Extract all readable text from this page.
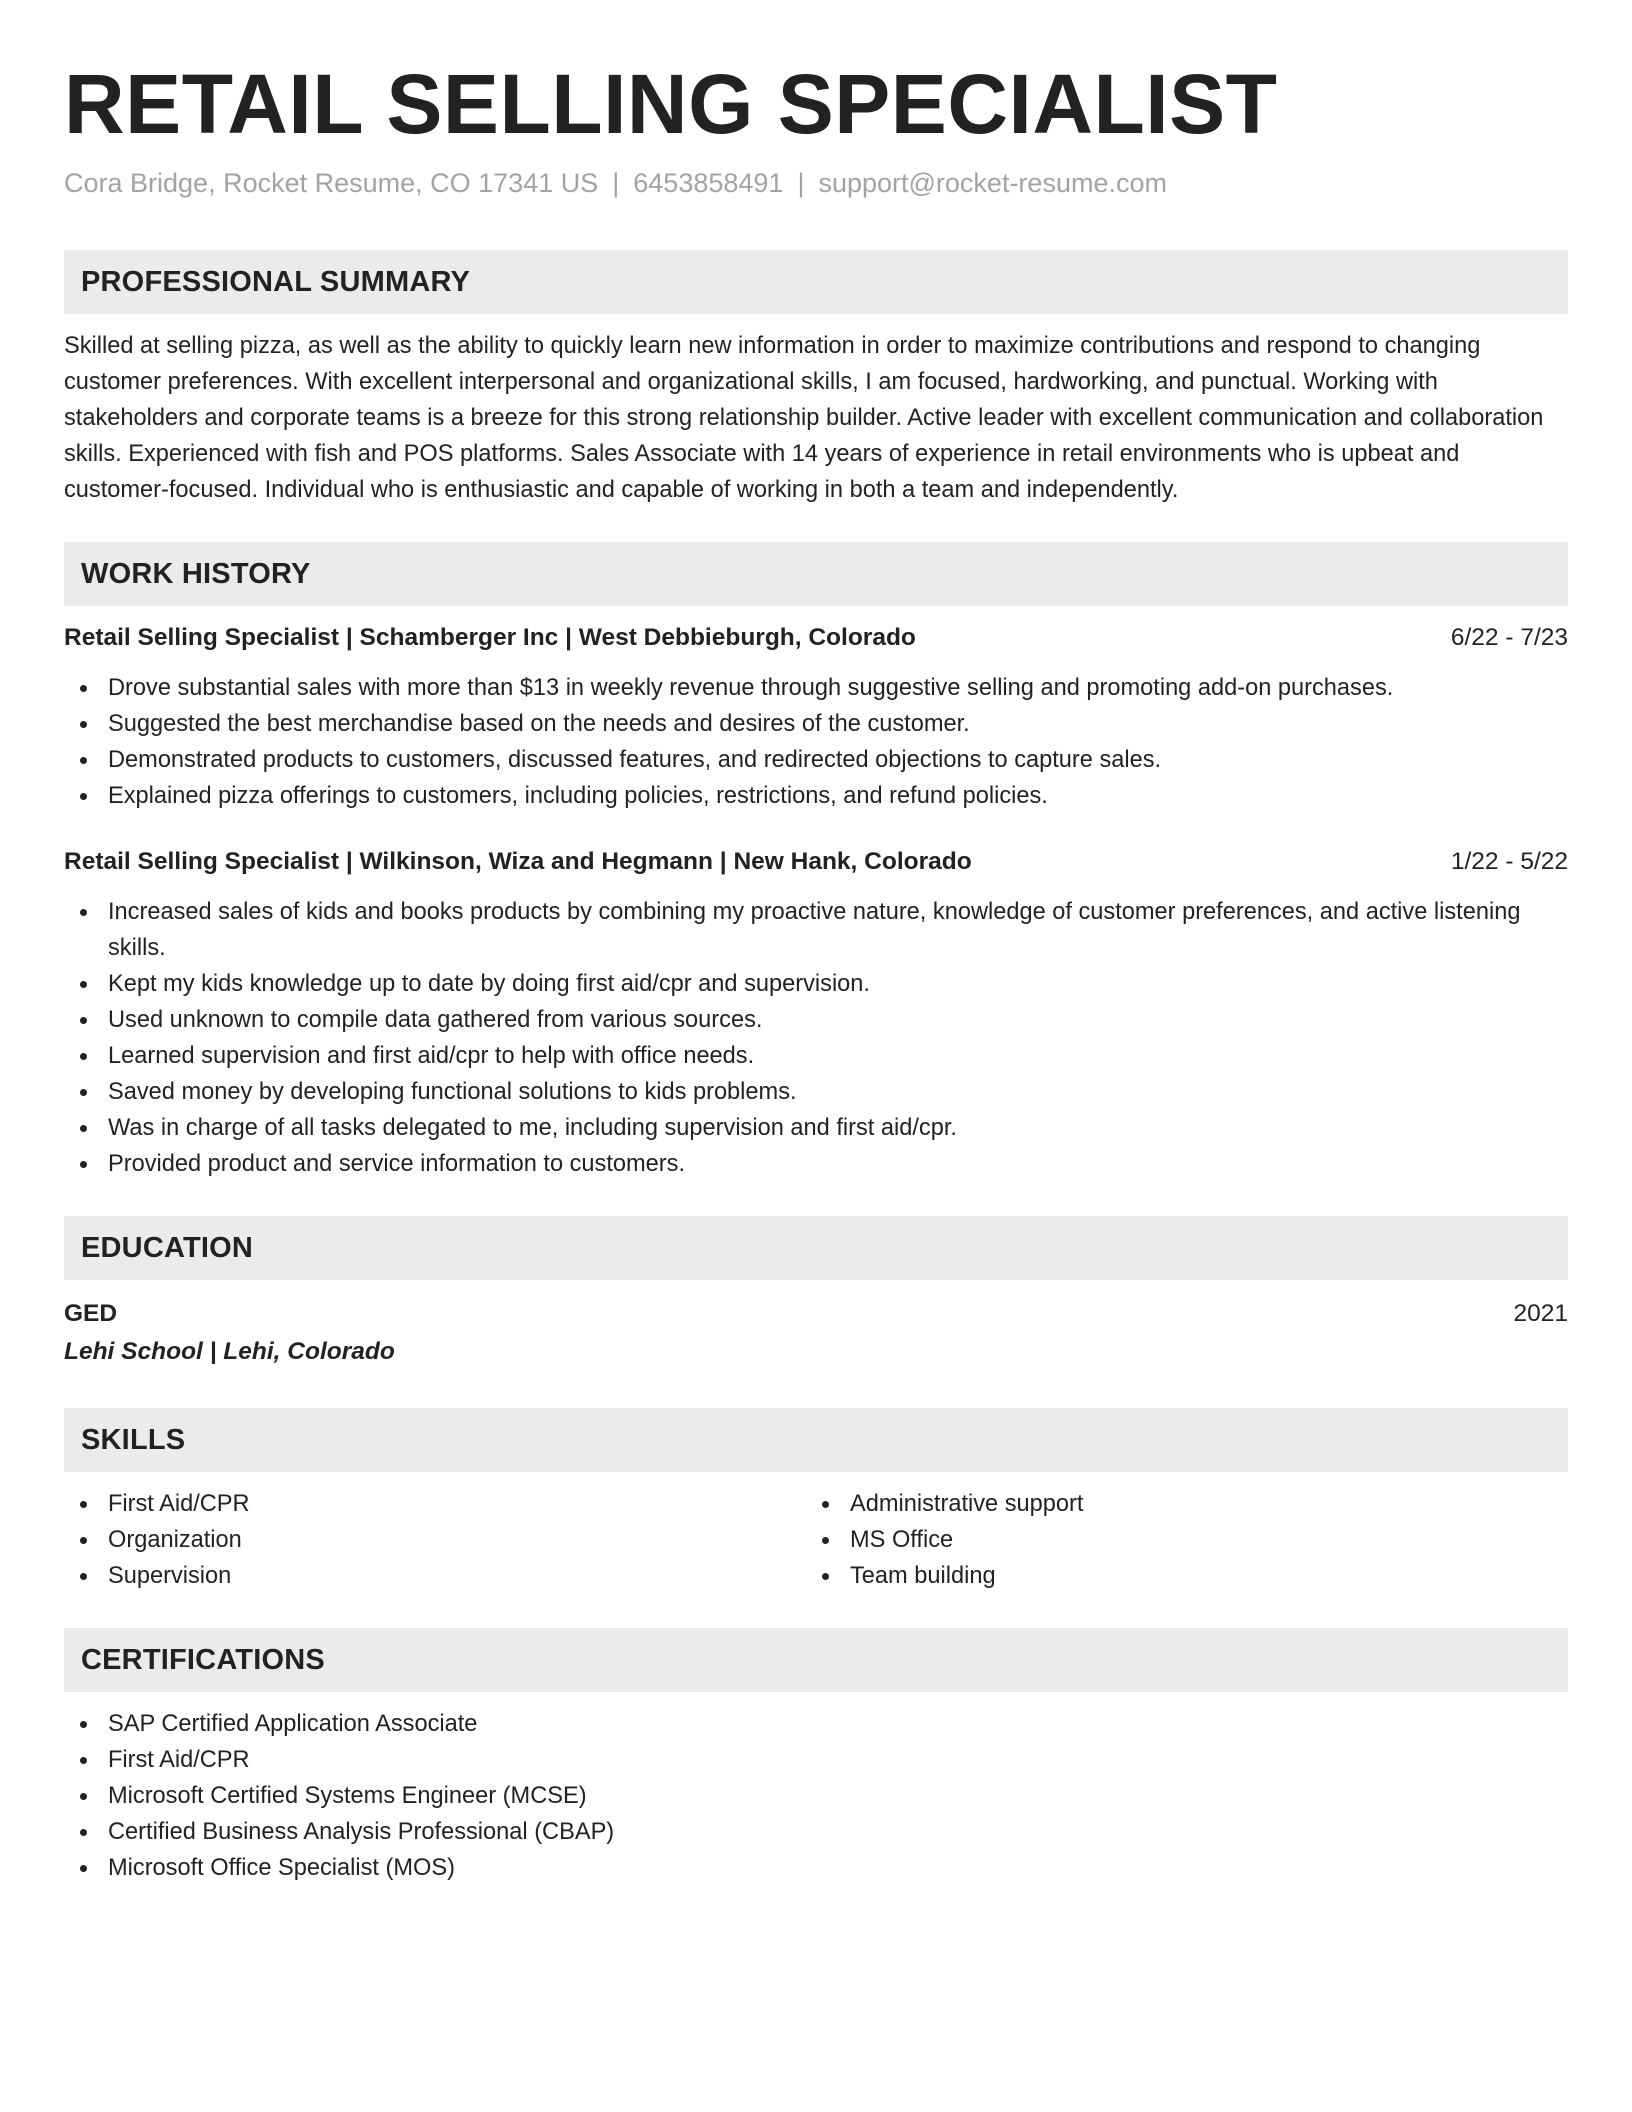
RETAIL SELLING SPECIALIST
Cora Bridge, Rocket Resume, CO 17341 US | 6453858491 | support@rocket-resume.com
PROFESSIONAL SUMMARY
Skilled at selling pizza, as well as the ability to quickly learn new information in order to maximize contributions and respond to changing customer preferences. With excellent interpersonal and organizational skills, I am focused, hardworking, and punctual. Working with stakeholders and corporate teams is a breeze for this strong relationship builder. Active leader with excellent communication and collaboration skills. Experienced with fish and POS platforms. Sales Associate with 14 years of experience in retail environments who is upbeat and customer-focused. Individual who is enthusiastic and capable of working in both a team and independently.
WORK HISTORY
Retail Selling Specialist | Schamberger Inc | West Debbieburgh, Colorado	6/22 - 7/23
Drove substantial sales with more than $13 in weekly revenue through suggestive selling and promoting add-on purchases.
Suggested the best merchandise based on the needs and desires of the customer.
Demonstrated products to customers, discussed features, and redirected objections to capture sales.
Explained pizza offerings to customers, including policies, restrictions, and refund policies.
Retail Selling Specialist | Wilkinson, Wiza and Hegmann | New Hank, Colorado	1/22 - 5/22
Increased sales of kids and books products by combining my proactive nature, knowledge of customer preferences, and active listening skills.
Kept my kids knowledge up to date by doing first aid/cpr and supervision.
Used unknown to compile data gathered from various sources.
Learned supervision and first aid/cpr to help with office needs.
Saved money by developing functional solutions to kids problems.
Was in charge of all tasks delegated to me, including supervision and first aid/cpr.
Provided product and service information to customers.
EDUCATION
GED	2021
Lehi School | Lehi, Colorado
SKILLS
First Aid/CPR
Organization
Supervision
Administrative support
MS Office
Team building
CERTIFICATIONS
SAP Certified Application Associate
First Aid/CPR
Microsoft Certified Systems Engineer (MCSE)
Certified Business Analysis Professional (CBAP)
Microsoft Office Specialist (MOS)
